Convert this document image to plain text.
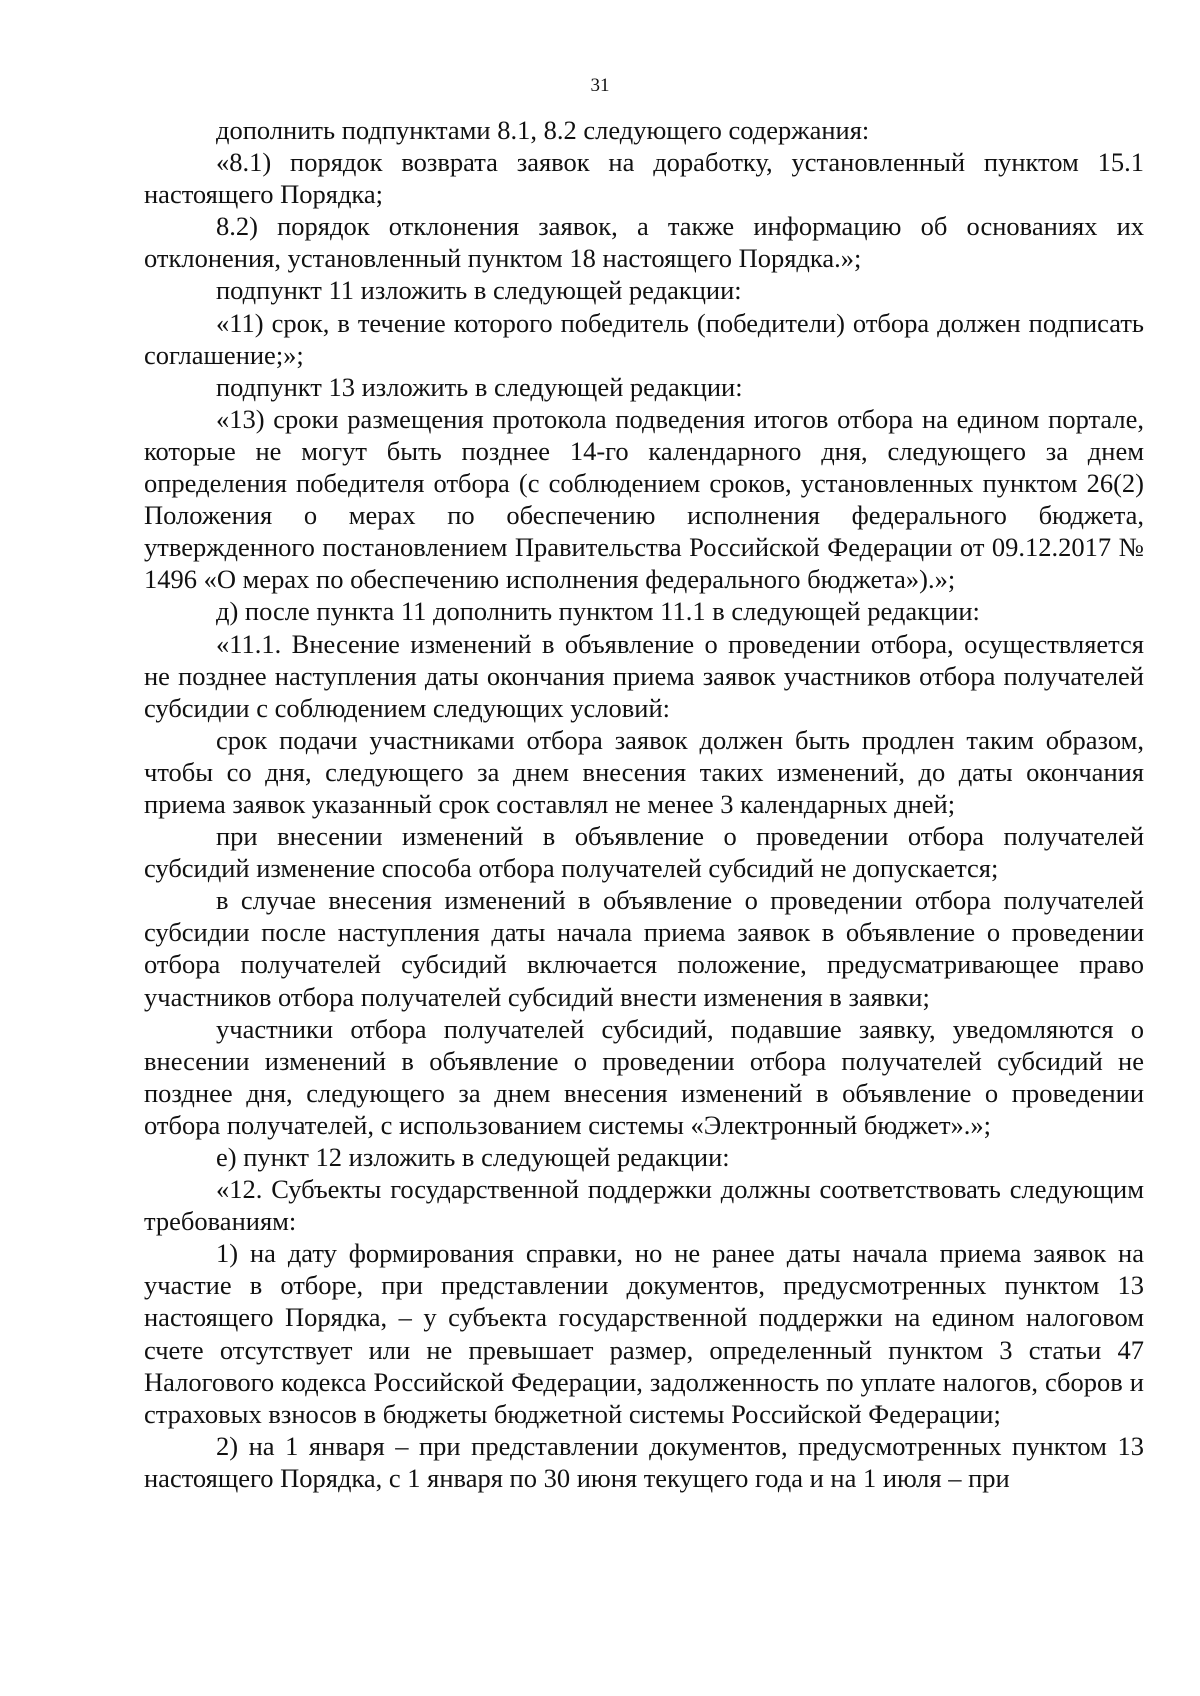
31

дополнить подпунктами 8.1, 8.2 следующего содержания:

«8.1) порядок возврата заявок на доработку, установленный пунктом 15.1 настоящего Порядка;

8.2) порядок отклонения заявок, а также информацию об основаниях их отклонения, установленный пунктом 18 настоящего Порядка.»;

подпункт 11 изложить в следующей редакции:

«11) срок, в течение которого победитель (победители) отбора должен подписать соглашение;»;

подпункт 13 изложить в следующей редакции:

«13) сроки размещения протокола подведения итогов отбора на едином портале, которые не могут быть позднее 14-го календарного дня, следующего за днем определения победителя отбора (с соблюдением сроков, установленных пунктом 26(2) Положения о мерах по обеспечению исполнения федерального бюджета, утвержденного постановлением Правительства Российской Федерации от 09.12.2017 № 1496 «О мерах по обеспечению исполнения федерального бюджета»).»;

д) после пункта 11 дополнить пунктом 11.1 в следующей редакции:

«11.1. Внесение изменений в объявление о проведении отбора, осуществляется не позднее наступления даты окончания приема заявок участников отбора получателей субсидии с соблюдением следующих условий:

срок подачи участниками отбора заявок должен быть продлен таким образом, чтобы со дня, следующего за днем внесения таких изменений, до даты окончания приема заявок указанный срок составлял не менее 3 календарных дней;

при внесении изменений в объявление о проведении отбора получателей субсидий изменение способа отбора получателей субсидий не допускается;

в случае внесения изменений в объявление о проведении отбора получателей субсидии после наступления даты начала приема заявок в объявление о проведении отбора получателей субсидий включается положение, предусматривающее право участников отбора получателей субсидий внести изменения в заявки;

участники отбора получателей субсидий, подавшие заявку, уведомляются о внесении изменений в объявление о проведении отбора получателей субсидий не позднее дня, следующего за днем внесения изменений в объявление о проведении отбора получателей, с использованием системы «Электронный бюджет».»;

е) пункт 12 изложить в следующей редакции:

«12. Субъекты государственной поддержки должны соответствовать следующим требованиям:

1) на дату формирования справки, но не ранее даты начала приема заявок на участие в отборе, при представлении документов, предусмотренных пунктом 13 настоящего Порядка, – у субъекта государственной поддержки на едином налоговом счете отсутствует или не превышает размер, определенный пунктом 3 статьи 47 Налогового кодекса Российской Федерации, задолженность по уплате налогов, сборов и страховых взносов в бюджеты бюджетной системы Российской Федерации;

2) на 1 января – при представлении документов, предусмотренных пунктом 13 настоящего Порядка, с 1 января по 30 июня текущего года и на 1 июля – при
